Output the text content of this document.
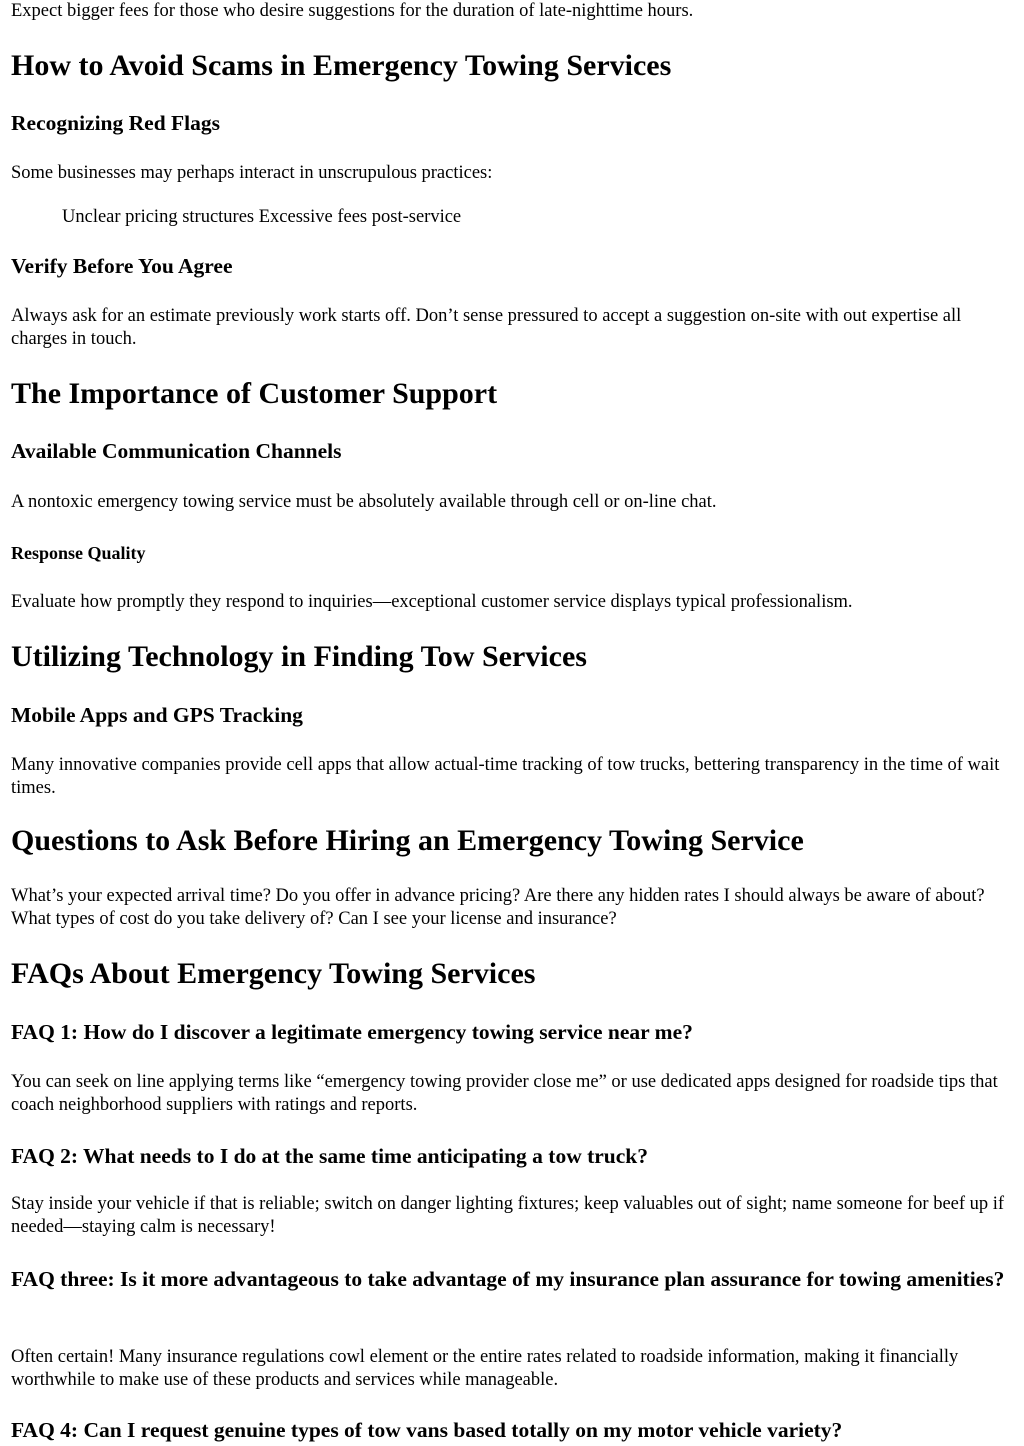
Expect bigger fees for those who desire suggestions for the duration of late-nighttime hours.

How to Avoid Scams in Emergency Towing Services
Recognizing Red Flags

Some businesses may perhaps interact in unscrupulous practices:

Unclear pricing structures Excessive fees post-service

Verify Before You Agree

Always ask for an estimate previously work starts off. Don’t sense pressured to accept a suggestion on-site with out expertise all charges in touch.

The Importance of Customer Support
Available Communication Channels

A nontoxic emergency towing service must be absolutely available through cell or on-line chat.

Response Quality

Evaluate how promptly they respond to inquiries—exceptional customer service displays typical professionalism.

Utilizing Technology in Finding Tow Services
Mobile Apps and GPS Tracking

Many innovative companies provide cell apps that allow actual-time tracking of tow trucks, bettering transparency in the time of wait times.

Questions to Ask Before Hiring an Emergency Towing Service

What’s your expected arrival time? Do you offer in advance pricing? Are there any hidden rates I should always be aware of about? What types of cost do you take delivery of? Can I see your license and insurance?

FAQs About Emergency Towing Services
FAQ 1: How do I discover a legitimate emergency towing service near me?

You can seek on line applying terms like “emergency towing provider close me” or use dedicated apps designed for roadside tips that coach neighborhood suppliers with ratings and reports.

FAQ 2: What needs to I do at the same time anticipating a tow truck?

Stay inside your vehicle if that is reliable; switch on danger lighting fixtures; keep valuables out of sight; name someone for beef up if needed—staying calm is necessary!

FAQ three: Is it more advantageous to take advantage of my insurance plan assurance for towing amenities?

Often certain! Many insurance regulations cowl element or the entire rates related to roadside information, making it financially worthwhile to make use of these products and services while manageable.

FAQ 4: Can I request genuine types of tow vans based totally on my motor vehicle variety?
